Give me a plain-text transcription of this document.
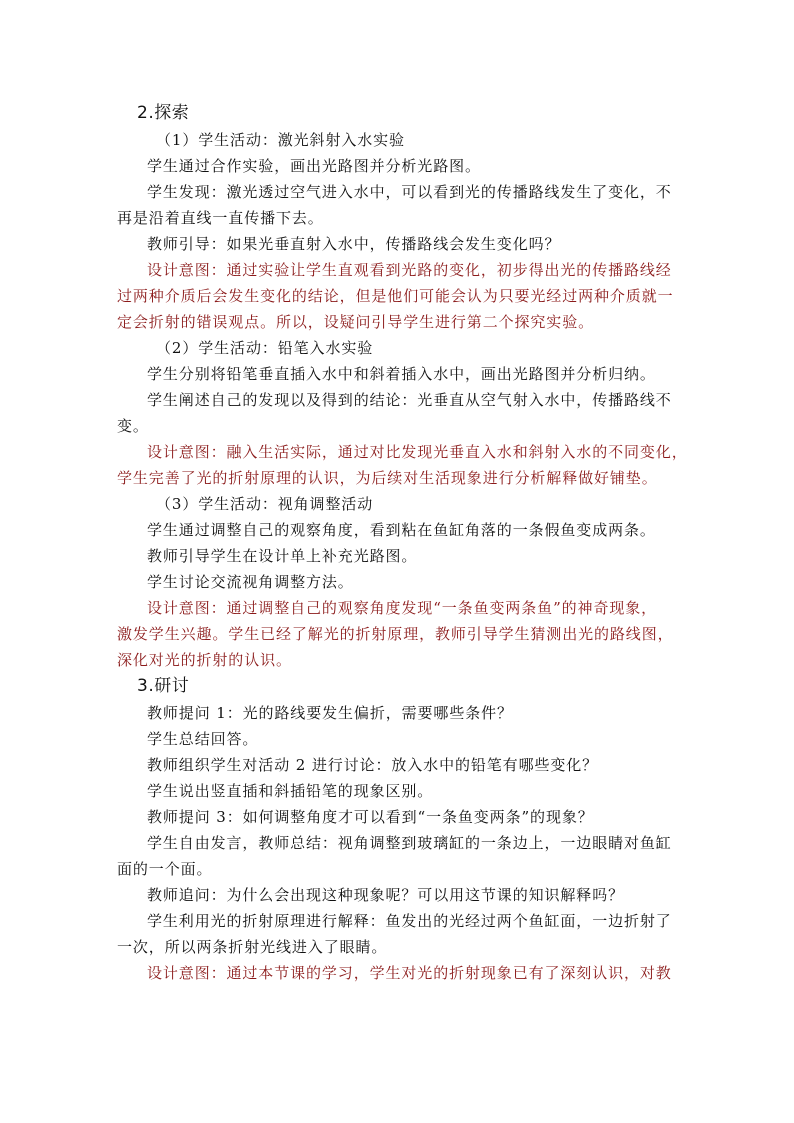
2.探索
（1）学生活动：激光斜射入水实验
学生通过合作实验，画出光路图并分析光路图。
学生发现：激光透过空气进入水中，可以看到光的传播路线发生了变化，不
再是沿着直线一直传播下去。
教师引导：如果光垂直射入水中，传播路线会发生变化吗？
设计意图：通过实验让学生直观看到光路的变化，初步得出光的传播路线经
过两种介质后会发生变化的结论，但是他们可能会认为只要光经过两种介质就一
定会折射的错误观点。所以，设疑问引导学生进行第二个探究实验。
（2）学生活动：铅笔入水实验
学生分别将铅笔垂直插入水中和斜着插入水中，画出光路图并分析归纳。
学生阐述自己的发现以及得到的结论：光垂直从空气射入水中，传播路线不
变。
设计意图：融入生活实际，通过对比发现光垂直入水和斜射入水的不同变化，
学生完善了光的折射原理的认识，为后续对生活现象进行分析解释做好铺垫。
（3）学生活动：视角调整活动
学生通过调整自己的观察角度，看到粘在鱼缸角落的一条假鱼变成两条。
教师引导学生在设计单上补充光路图。
学生讨论交流视角调整方法。
设计意图：通过调整自己的观察角度发现“一条鱼变两条鱼”的神奇现象，
激发学生兴趣。学生已经了解光的折射原理，教师引导学生猜测出光的路线图，
深化对光的折射的认识。
3.研讨
教师提问 1：光的路线要发生偏折，需要哪些条件？
学生总结回答。
教师组织学生对活动 2 进行讨论：放入水中的铅笔有哪些变化？
学生说出竖直插和斜插铅笔的现象区别。
教师提问 3：如何调整角度才可以看到“一条鱼变两条”的现象？
学生自由发言，教师总结：视角调整到玻璃缸的一条边上，一边眼睛对鱼缸
面的一个面。
教师追问：为什么会出现这种现象呢？可以用这节课的知识解释吗？
学生利用光的折射原理进行解释：鱼发出的光经过两个鱼缸面，一边折射了
一次，所以两条折射光线进入了眼睛。
设计意图：通过本节课的学习，学生对光的折射现象已有了深刻认识，对教
